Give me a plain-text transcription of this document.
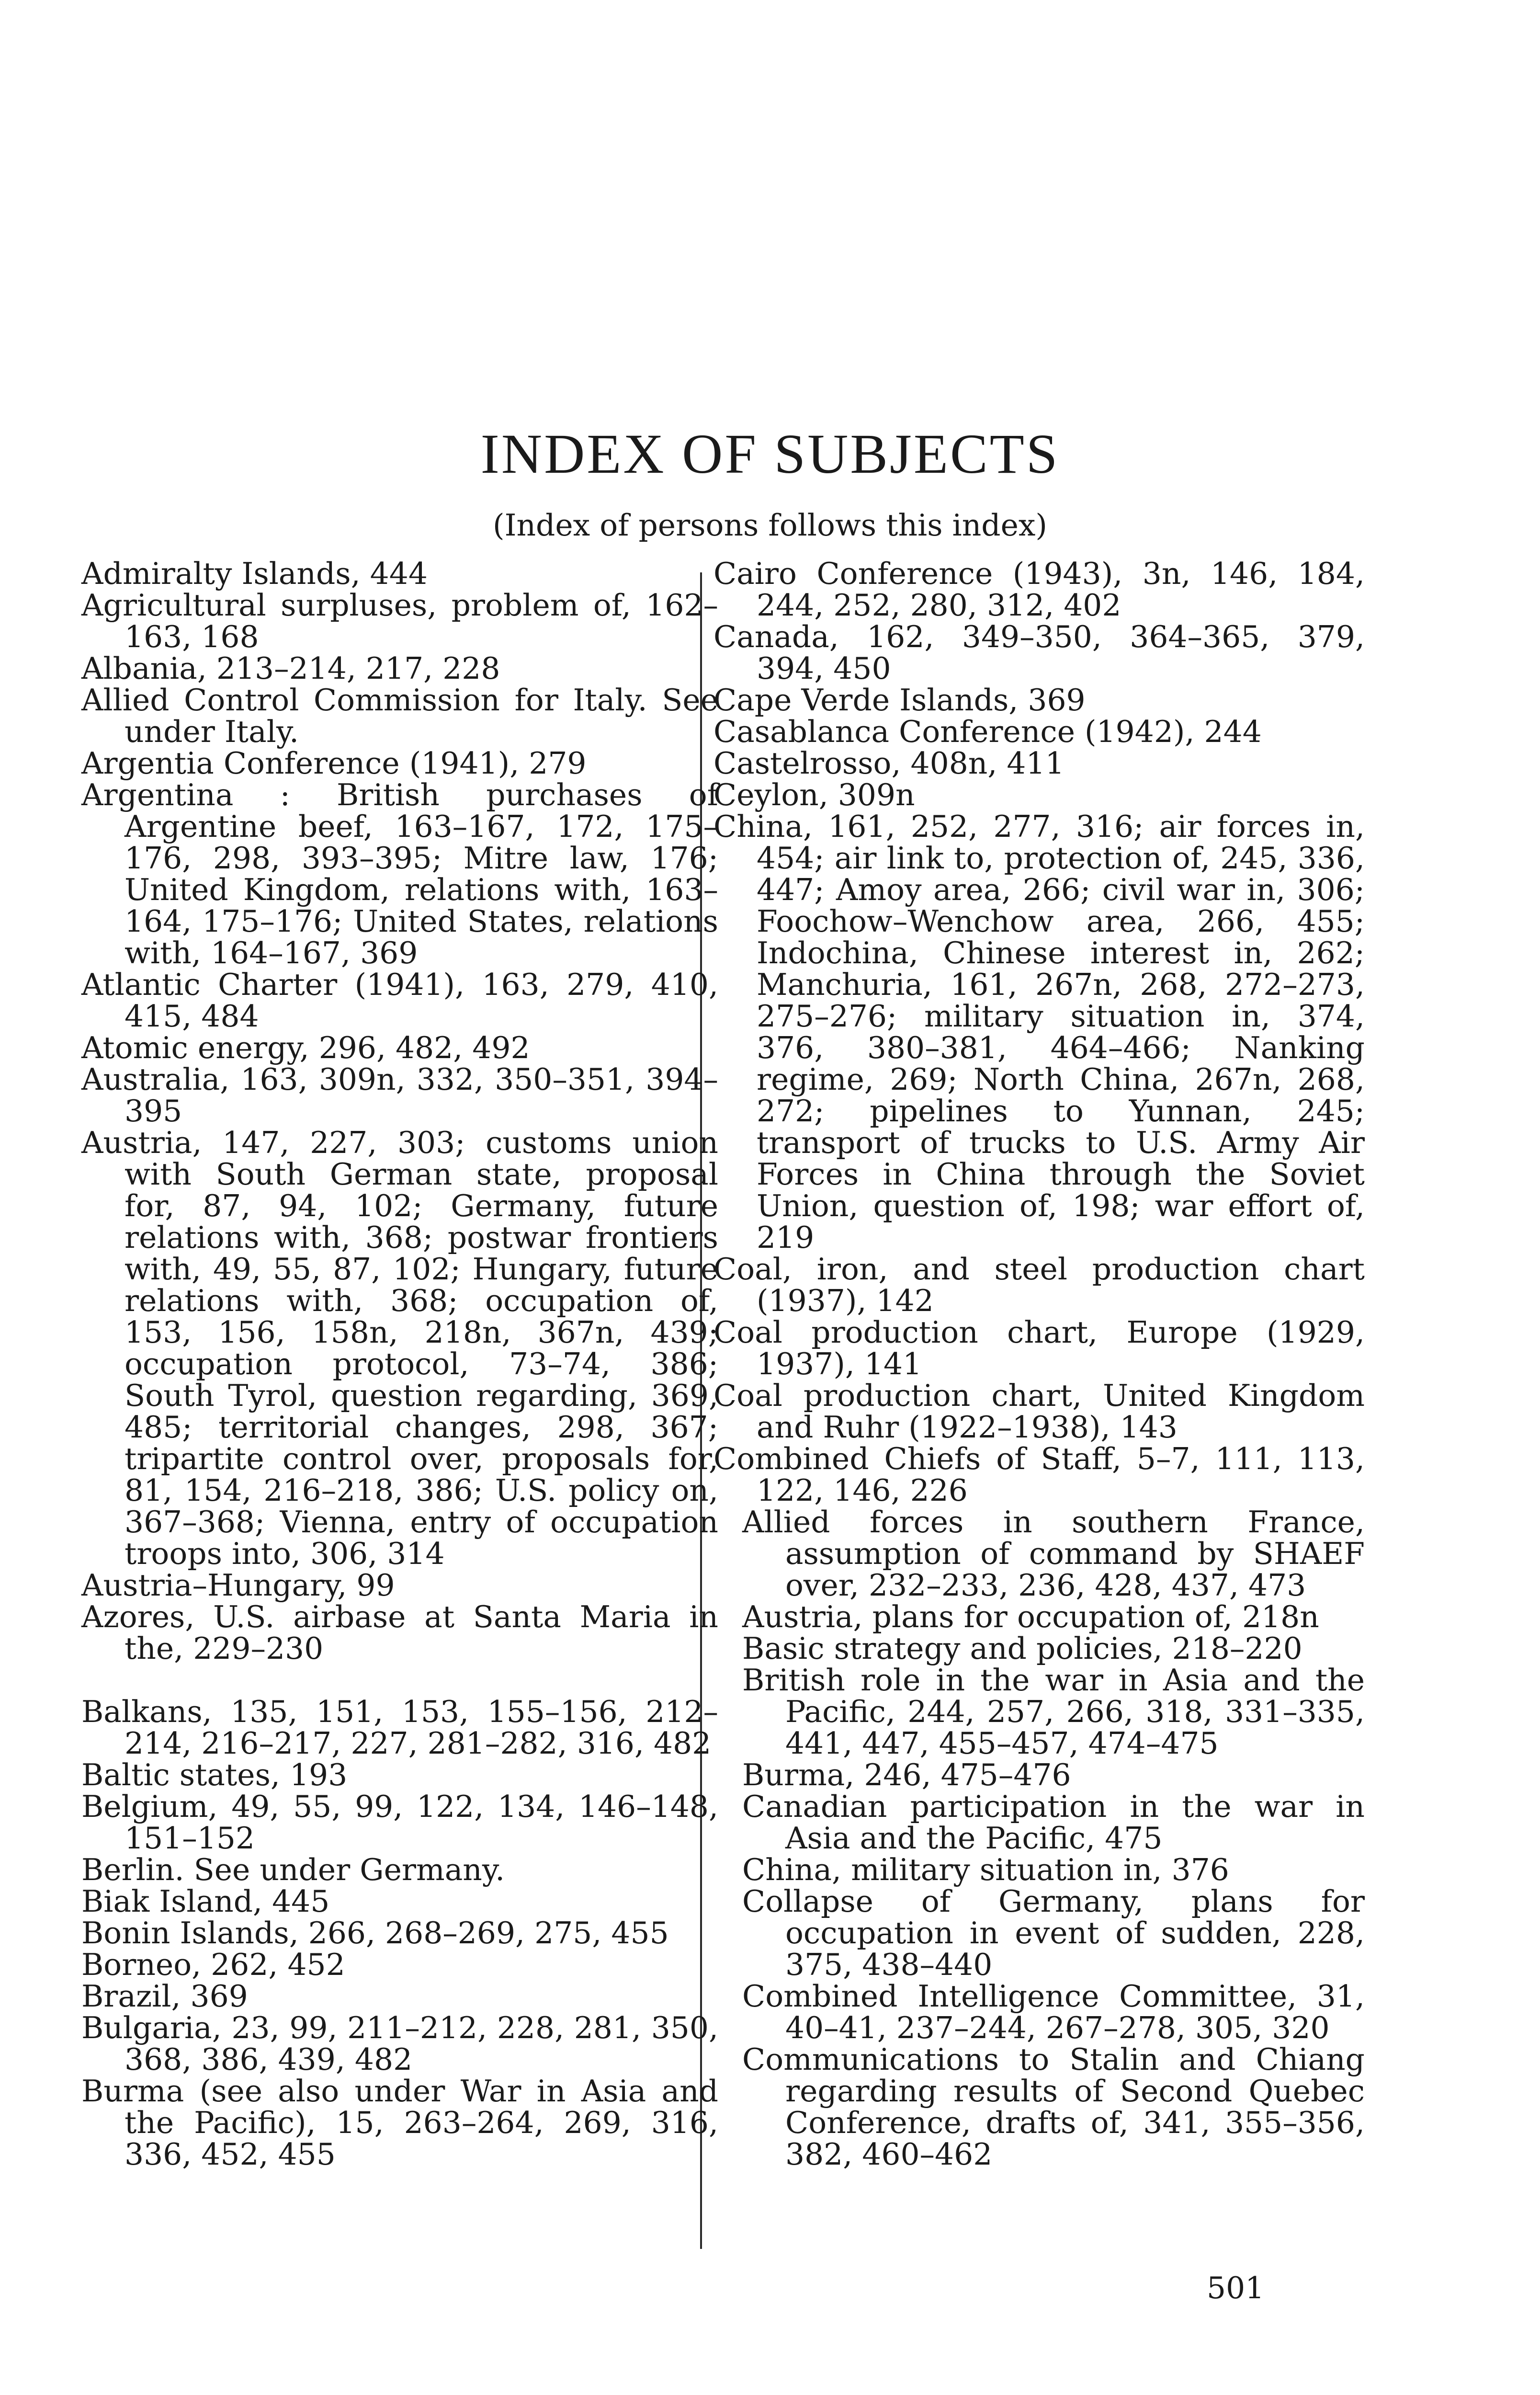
INDEX OF SUBJECTS
(Index of persons follows this index)

Admiralty Islands, 444

Agricultural surpluses, problem of, 162–163, 168

Albania, 213–214, 217, 228

Allied Control Commission for Italy. See under Italy.

Argentia Conference (1941), 279

Argentina : British purchases of Argentine beef, 163–167, 172, 175–176, 298, 393–395; Mitre law, 176; United Kingdom, relations with, 163–164, 175–176; United States, relations with, 164–167, 369

Atlantic Charter (1941), 163, 279, 410, 415, 484

Atomic energy, 296, 482, 492

Australia, 163, 309n, 332, 350–351, 394–395

Austria, 147, 227, 303; customs union with South German state, proposal for, 87, 94, 102; Germany, future relations with, 368; postwar frontiers with, 49, 55, 87, 102; Hungary, future relations with, 368; occupation of, 153, 156, 158n, 218n, 367n, 439; occupation protocol, 73–74, 386; South Tyrol, question regarding, 369, 485; territorial changes, 298, 367; tripartite control over, proposals for, 81, 154, 216–218, 386; U.S. policy on, 367–368; Vienna, entry of occupation troops into, 306, 314

Austria–Hungary, 99

Azores, U.S. airbase at Santa Maria in the, 229–230

Balkans, 135, 151, 153, 155–156, 212–214, 216–217, 227, 281–282, 316, 482

Baltic states, 193

Belgium, 49, 55, 99, 122, 134, 146–148, 151–152

Berlin. See under Germany.

Biak Island, 445

Bonin Islands, 266, 268–269, 275, 455

Borneo, 262, 452

Brazil, 369

Bulgaria, 23, 99, 211–212, 228, 281, 350, 368, 386, 439, 482

Burma (see also under War in Asia and the Pacific), 15, 263–264, 269, 316, 336, 452, 455

Cairo Conference (1943), 3n, 146, 184, 244, 252, 280, 312, 402

Canada, 162, 349–350, 364–365, 379, 394, 450

Cape Verde Islands, 369

Casablanca Conference (1942), 244

Castelrosso, 408n, 411

Ceylon, 309n

China, 161, 252, 277, 316; air forces in, 454; air link to, protection of, 245, 336, 447; Amoy area, 266; civil war in, 306; Foochow–Wenchow area, 266, 455; Indochina, Chinese interest in, 262; Manchuria, 161, 267n, 268, 272–273, 275–276; military situation in, 374, 376, 380–381, 464–466; Nanking regime, 269; North China, 267n, 268, 272; pipelines to Yunnan, 245; transport of trucks to U.S. Army Air Forces in China through the Soviet Union, question of, 198; war effort of, 219

Coal, iron, and steel production chart (1937), 142

Coal production chart, Europe (1929, 1937), 141

Coal production chart, United Kingdom and Ruhr (1922–1938), 143

Combined Chiefs of Staff, 5–7, 111, 113, 122, 146, 226

Allied forces in southern France, assumption of command by SHAEF over, 232–233, 236, 428, 437, 473

Austria, plans for occupation of, 218n

Basic strategy and policies, 218–220

British role in the war in Asia and the Pacific, 244, 257, 266, 318, 331–335, 441, 447, 455–457, 474–475

Burma, 246, 475–476

Canadian participation in the war in Asia and the Pacific, 475

China, military situation in, 376

Collapse of Germany, plans for occupation in event of sudden, 228, 375, 438–440

Combined Intelligence Committee, 31, 40–41, 237–244, 267–278, 305, 320

Communications to Stalin and Chiang regarding results of Second Quebec Conference, drafts of, 341, 355–356, 382, 460–462

501
